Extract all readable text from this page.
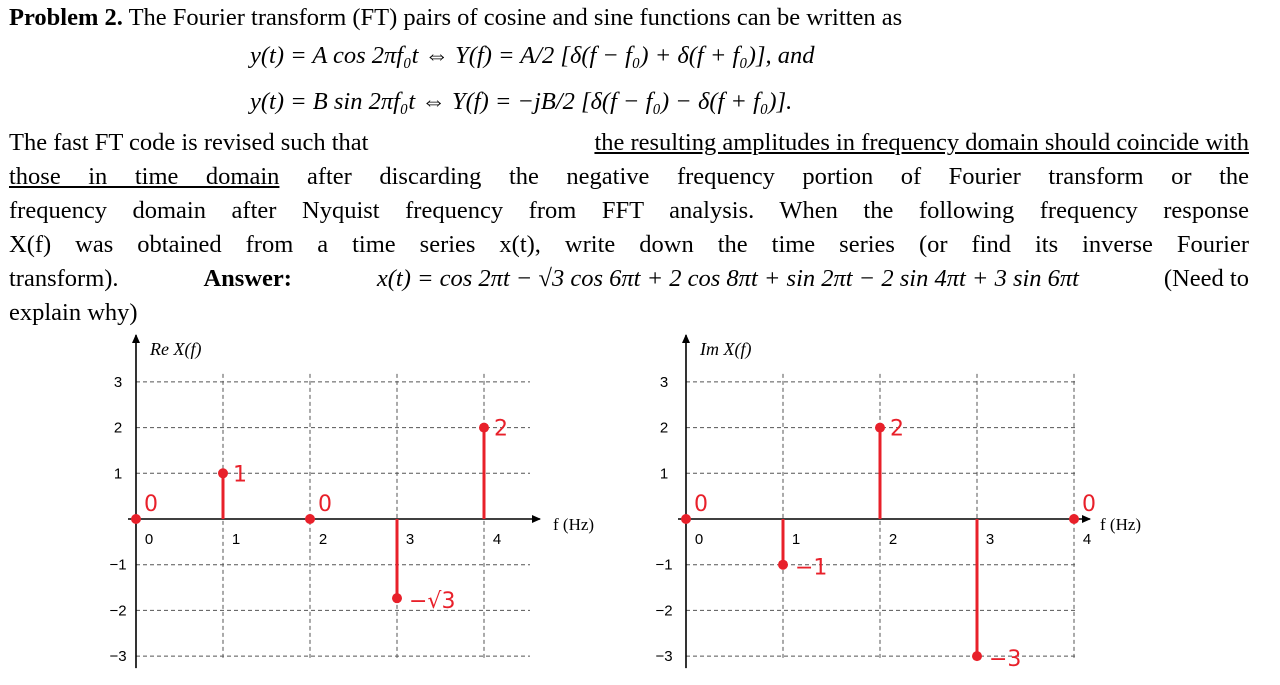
Problem 2. The Fourier transform (FT) pairs of cosine and sine functions can be written as
y(t) = A cos 2πf₀t ⇔ Y(f) = A/2 [δ(f − f₀) + δ(f + f₀)], and
y(t) = B sin 2πf₀t ⇔ Y(f) = −jB/2 [δ(f − f₀) − δ(f + f₀)].
The fast FT code is revised such that	the resulting amplitudes in frequency domain should coincide with
those in time domain after discarding the negative frequency portion of Fourier transform or the
frequency domain after Nyquist frequency from FFT analysis. When the following frequency response
X(f) was obtained from a time series x(t), write down the time series (or find its inverse Fourier
transform).	Answer:	x(t) = cos 2πt − √3 cos 6πt + 2 cos 8πt + sin 2πt − 2 sin 4πt + 3 sin 6πt	(Need to
explain why)
Re X(f)
f (Hz)
3
2
1
−1
−2
−3
0	1	2	3	4
0
1
0
−√3
2
Im X(f)
f (Hz)
3
2
1
−1
−2
−3
0	1	2	3	4
0
−1
2
−3
0
